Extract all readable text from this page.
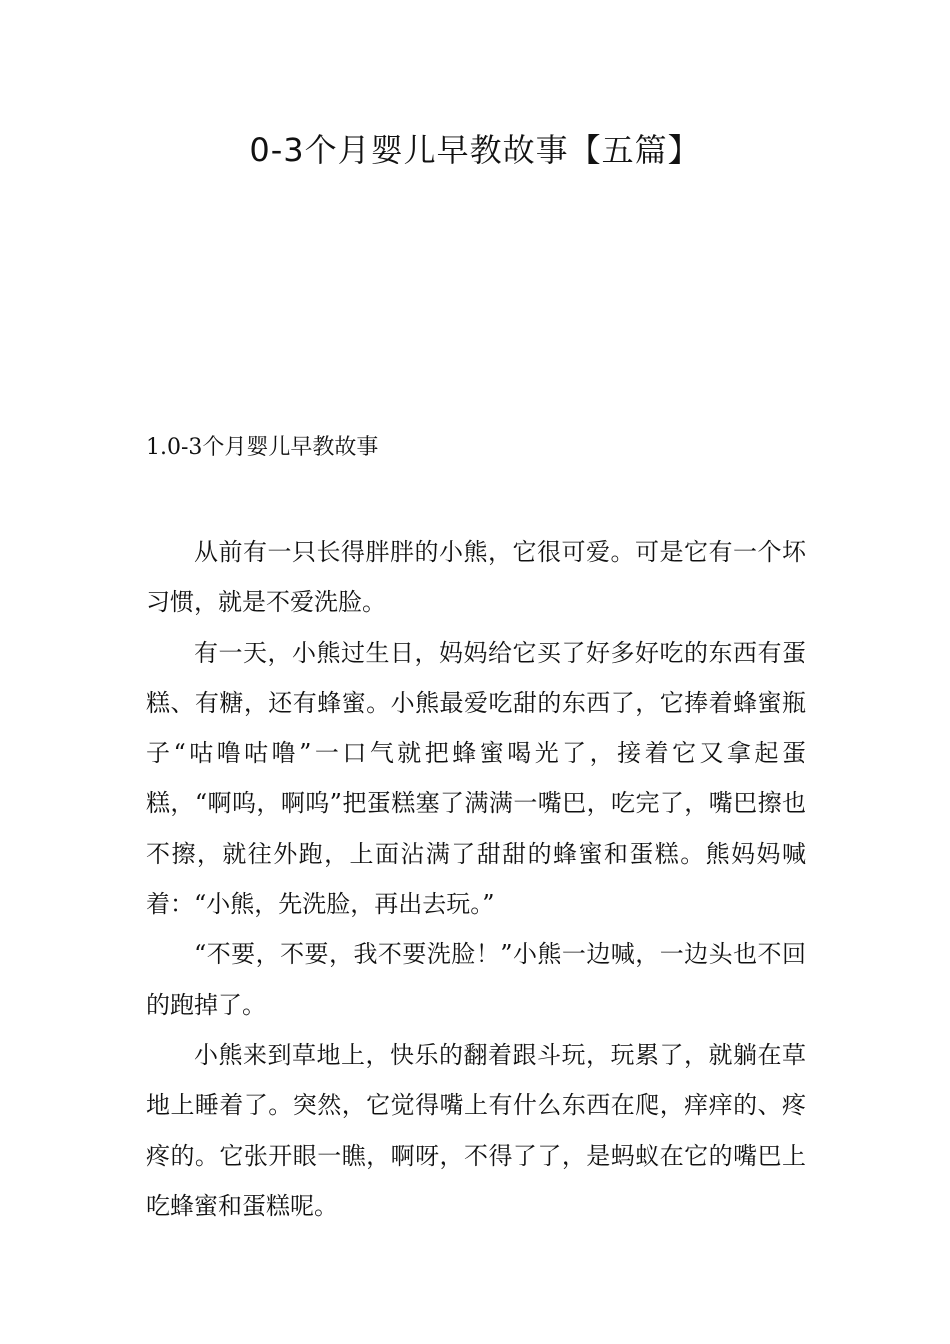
0-3个月婴儿早教故事【五篇】
1.0-3个月婴儿早教故事

从前有一只长得胖胖的小熊，它很可爱。可是它有一个坏习惯，就是不爱洗脸。

有一天，小熊过生日，妈妈给它买了好多好吃的东西有蛋糕、有糖，还有蜂蜜。小熊最爱吃甜的东西了，它捧着蜂蜜瓶子“咕噜咕噜”一口气就把蜂蜜喝光了，接着它又拿起蛋糕，“啊呜，啊呜”把蛋糕塞了满满一嘴巴，吃完了，嘴巴擦也不擦，就往外跑，上面沾满了甜甜的蜂蜜和蛋糕。熊妈妈喊着：“小熊，先洗脸，再出去玩。”

“不要，不要，我不要洗脸！”小熊一边喊，一边头也不回的跑掉了。

小熊来到草地上，快乐的翻着跟斗玩，玩累了，就躺在草地上睡着了。突然，它觉得嘴上有什么东西在爬，痒痒的、疼疼的。它张开眼一瞧，啊呀，不得了了，是蚂蚁在它的嘴巴上吃蜂蜜和蛋糕呢。
